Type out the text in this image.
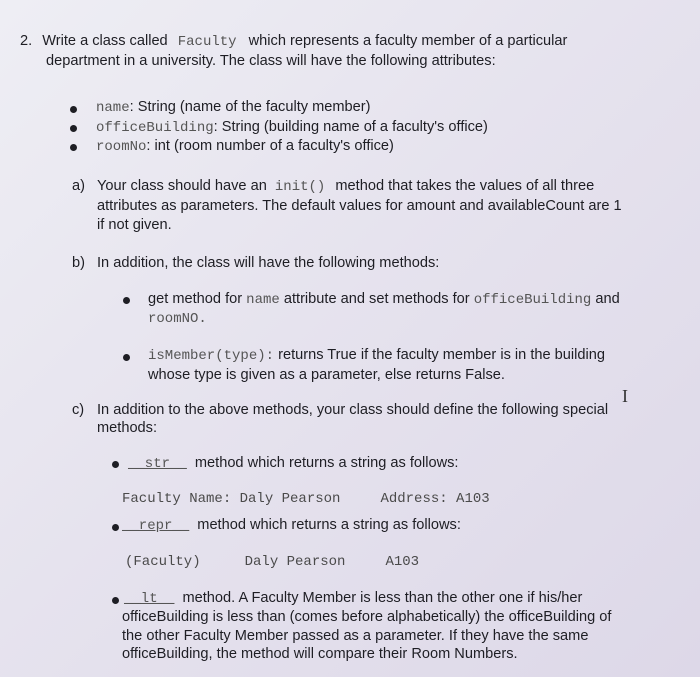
2. Write a class called Faculty which represents a faculty member of a particular
department in a university. The class will have the following attributes:
name: String (name of the faculty member)
officeBuilding: String (building name of a faculty's office)
roomNo: int (room number of a faculty's office)
a) Your class should have an init() method that takes the values of all three
attributes as parameters. The default values for amount and availableCount are 1
if not given.
b) In addition, the class will have the following methods:
get method for name attribute and set methods for officeBuilding and
roomNO.
isMember(type): returns True if the faculty member is in the building
whose type is given as a parameter, else returns False.
I
c) In addition to the above methods, your class should define the following special
methods:
__str__ method which returns a string as follows:
Faculty Name: Daly Pearson	Address: A103
__repr__ method which returns a string as follows:
(Faculty)	Daly Pearson	A103
__lt__ method. A Faculty Member is less than the other one if his/her
officeBuilding is less than (comes before alphabetically) the officeBuilding of
the other Faculty Member passed as a parameter. If they have the same
officeBuilding, the method will compare their Room Numbers.
